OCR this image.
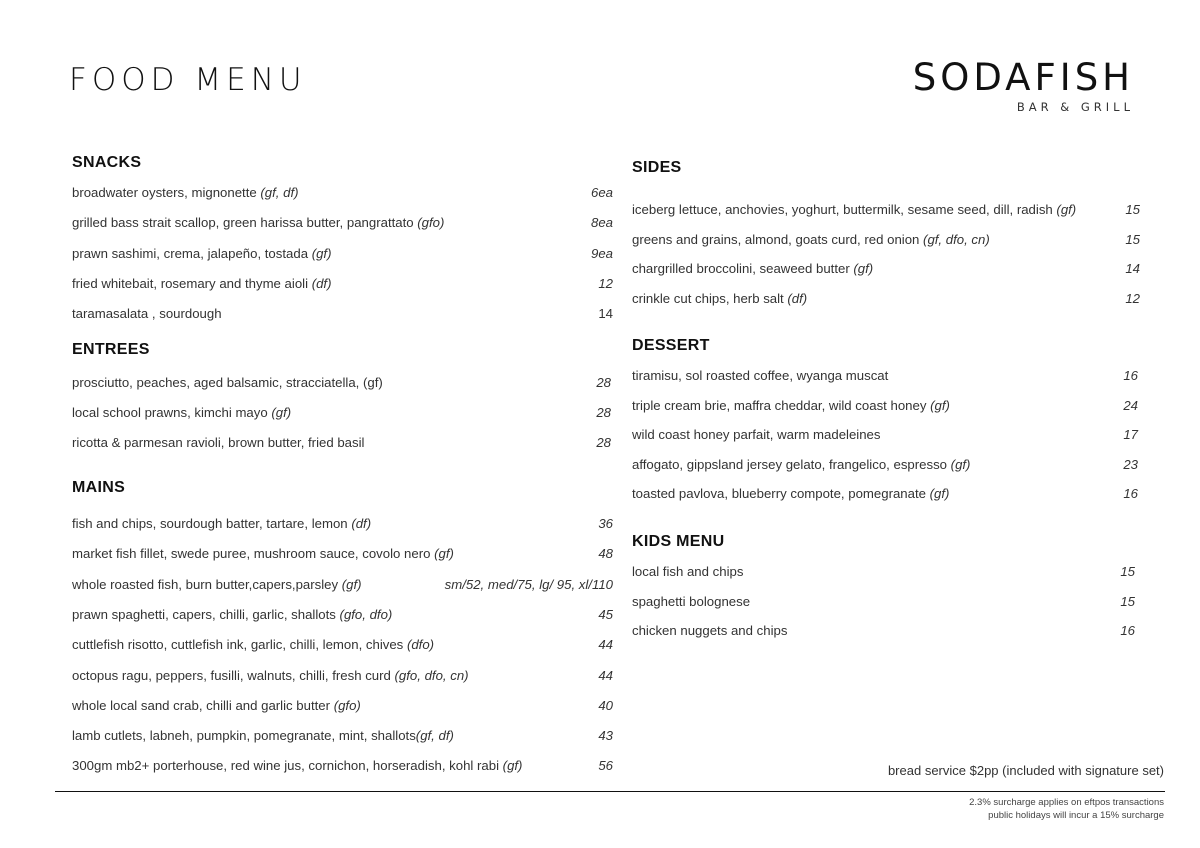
FOOD MENU	SODAFISH
BAR & GRILL
SNACKS
ENTREES
MAINS
SIDES
DESSERT
KIDS MENU
broadwater oysters, mignonette (gf, df)	6ea
grilled bass strait scallop, green harissa butter, pangrattato (gfo)	8ea
prawn sashimi, crema, jalapeño, tostada (gf)	9ea
fried whitebait, rosemary and thyme aioli (df)	12
taramasalata , sourdough	14
prosciutto, peaches, aged balsamic, stracciatella, (gf)	28
local school prawns, kimchi mayo (gf)	28
ricotta & parmesan ravioli, brown butter, fried basil	28
fish and chips, sourdough batter, tartare, lemon (df)	36
market fish fillet, swede puree, mushroom sauce, covolo nero (gf)	48
whole roasted fish, burn butter,capers,parsley (gf)	sm/52, med/75, lg/ 95, xl/110
prawn spaghetti, capers, chilli, garlic, shallots (gfo, dfo)	45
cuttlefish risotto, cuttlefish ink, garlic, chilli, lemon, chives (dfo)	44
octopus ragu, peppers, fusilli, walnuts, chilli, fresh curd (gfo, dfo, cn)	44
whole local sand crab, chilli and garlic butter (gfo)	40
lamb cutlets, labneh, pumpkin, pomegranate, mint, shallots(gf, df)	43
300gm mb2+ porterhouse, red wine jus, cornichon, horseradish, kohl rabi (gf)	56
iceberg lettuce, anchovies, yoghurt, buttermilk, sesame seed, dill, radish (gf)	15
greens and grains, almond, goats curd, red onion (gf, dfo, cn)	15
chargrilled broccolini, seaweed butter (gf)	14
crinkle cut chips, herb salt (df)	12
tiramisu, sol roasted coffee, wyanga muscat	16
triple cream brie, maffra cheddar, wild coast honey (gf)	24
wild coast honey parfait, warm madeleines	17
affogato, gippsland jersey gelato, frangelico, espresso (gf)	23
toasted pavlova, blueberry compote, pomegranate (gf)	16
local fish and chips	15
spaghetti bolognese	15
chicken nuggets and chips	16
bread service $2pp (included with signature set)
2.3% surcharge applies on eftpos transactions
public holidays will incur a 15% surcharge
